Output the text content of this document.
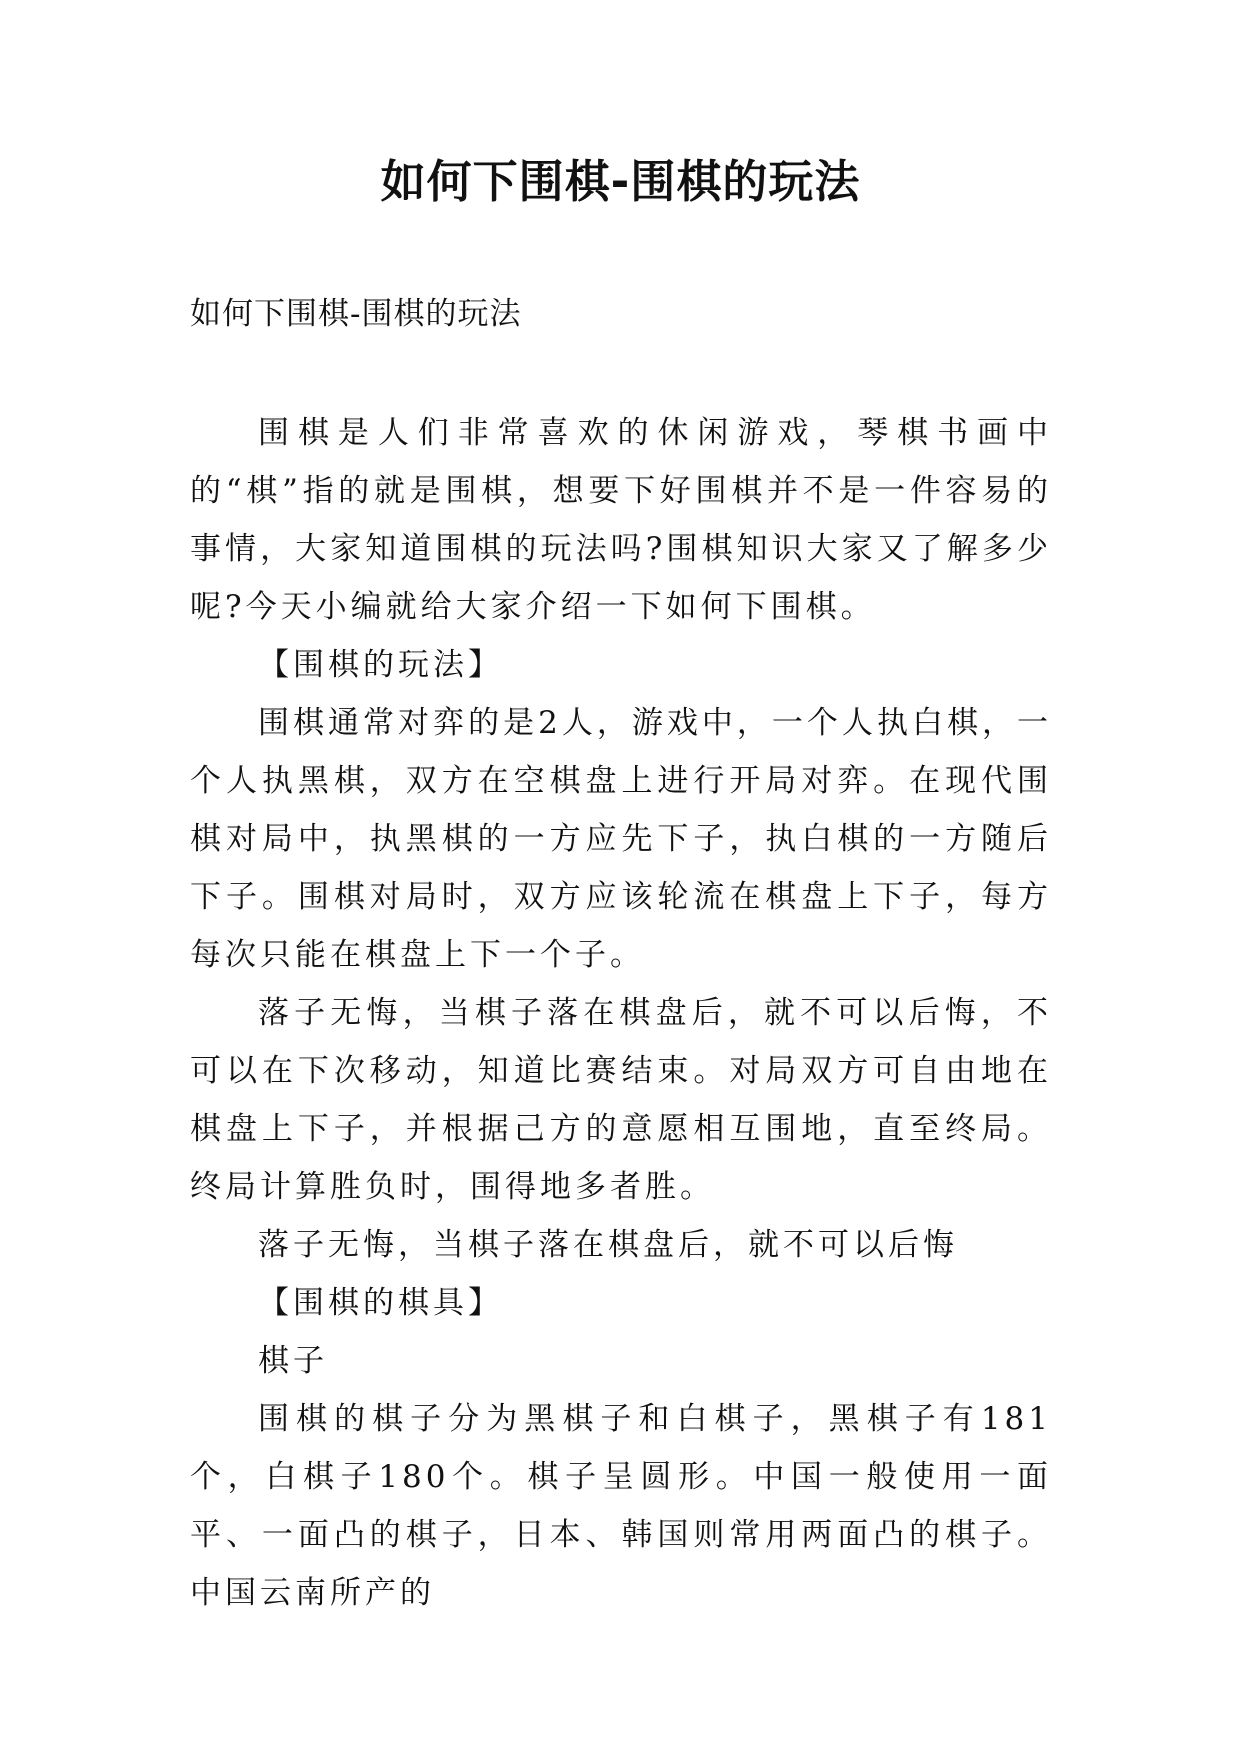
如何下围棋-围棋的玩法

如何下围棋-围棋的玩法

围棋是人们非常喜欢的休闲游戏，琴棋书画中的“棋”指的就是围棋，想要下好围棋并不是一件容易的事情，大家知道围棋的玩法吗?围棋知识大家又了解多少呢?今天小编就给大家介绍一下如何下围棋。

【围棋的玩法】

围棋通常对弈的是2人，游戏中，一个人执白棋，一个人执黑棋，双方在空棋盘上进行开局对弈。在现代围棋对局中，执黑棋的一方应先下子，执白棋的一方随后下子。围棋对局时，双方应该轮流在棋盘上下子，每方每次只能在棋盘上下一个子。

落子无悔，当棋子落在棋盘后，就不可以后悔，不可以在下次移动，知道比赛结束。对局双方可自由地在棋盘上下子，并根据己方的意愿相互围地，直至终局。终局计算胜负时，围得地多者胜。

落子无悔，当棋子落在棋盘后，就不可以后悔

【围棋的棋具】

棋子

围棋的棋子分为黑棋子和白棋子，黑棋子有181个，白棋子180个。棋子呈圆形。中国一般使用一面平、一面凸的棋子，日本、韩国则常用两面凸的棋子。中国云南所产的
